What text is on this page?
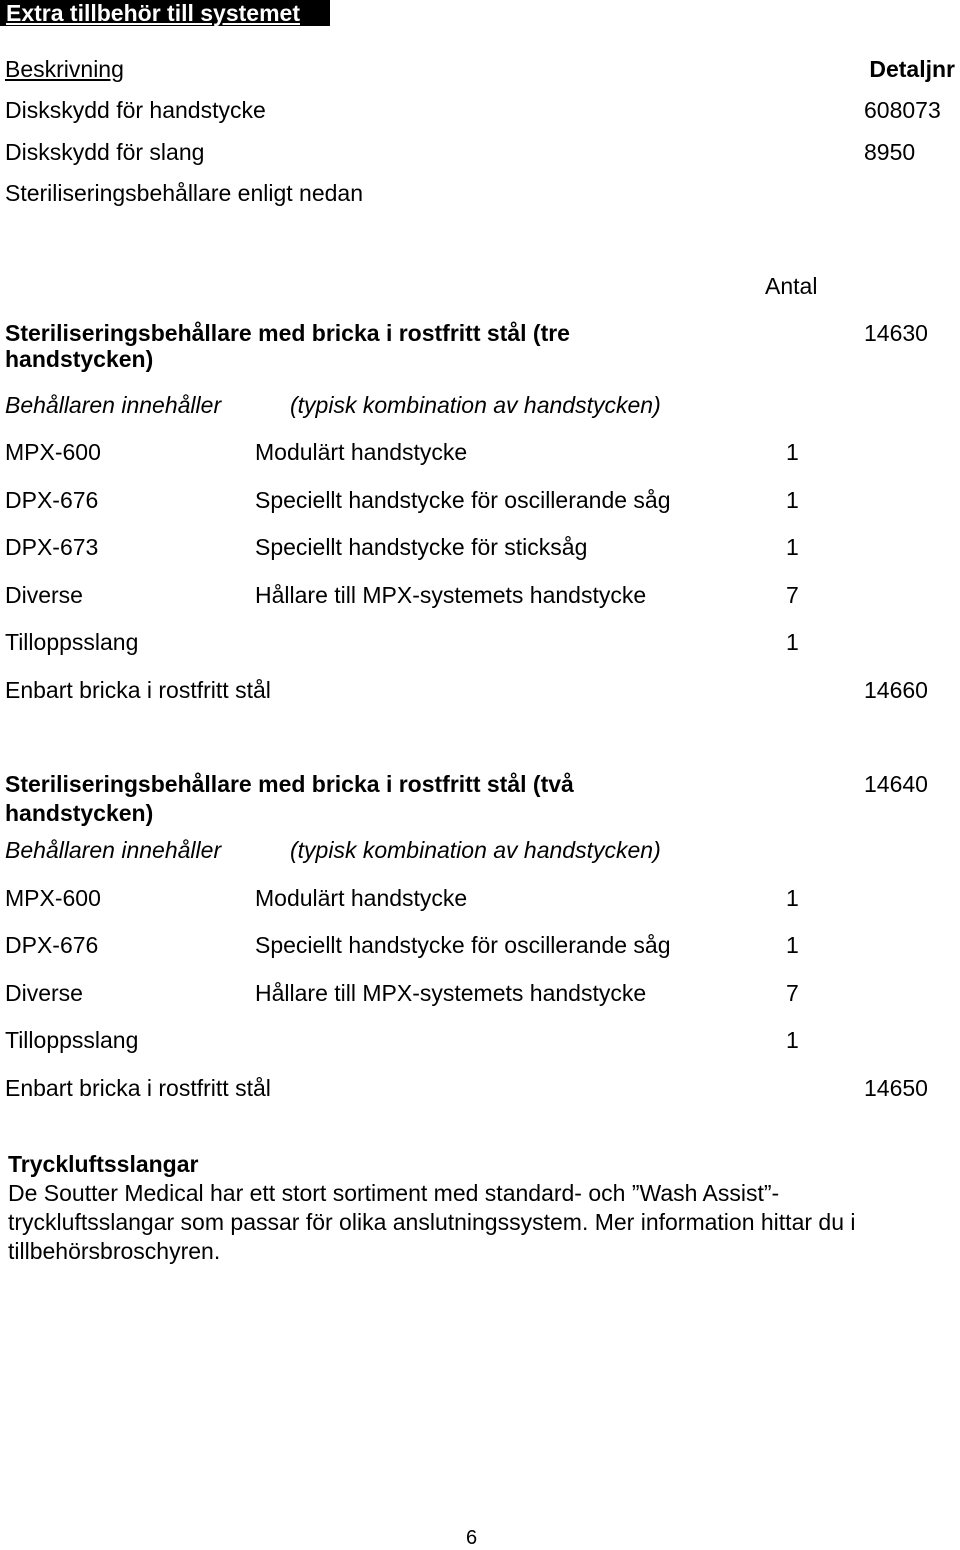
Extra tillbehör till systemet
Beskrivning	Detaljnr
Diskskydd för handstycke	608073
Diskskydd för slang	8950
Steriliseringsbehållare enligt nedan
Antal
Steriliseringsbehållare med bricka i rostfritt stål (tre
handstycken)
14630
Behållaren innehåller	(typisk kombination av handstycken)
MPX-600	Modulärt handstycke	1
DPX-676	Speciellt handstycke för oscillerande såg	1
DPX-673	Speciellt handstycke för sticksåg	1
Diverse	Hållare till MPX-systemets handstycke	7
Tilloppsslang	1
Enbart bricka i rostfritt stål	14660
Steriliseringsbehållare med bricka i rostfritt stål (två
handstycken)
14640
Behållaren innehåller	(typisk kombination av handstycken)
MPX-600	Modulärt handstycke	1
DPX-676	Speciellt handstycke för oscillerande såg	1
Diverse	Hållare till MPX-systemets handstycke	7
Tilloppsslang	1
Enbart bricka i rostfritt stål	14650
Tryckluftsslangar
De Soutter Medical har ett stort sortiment med standard- och ”Wash Assist”-
tryckluftsslangar som passar för olika anslutningssystem. Mer information hittar du i
tillbehörsbroschyren.
6
